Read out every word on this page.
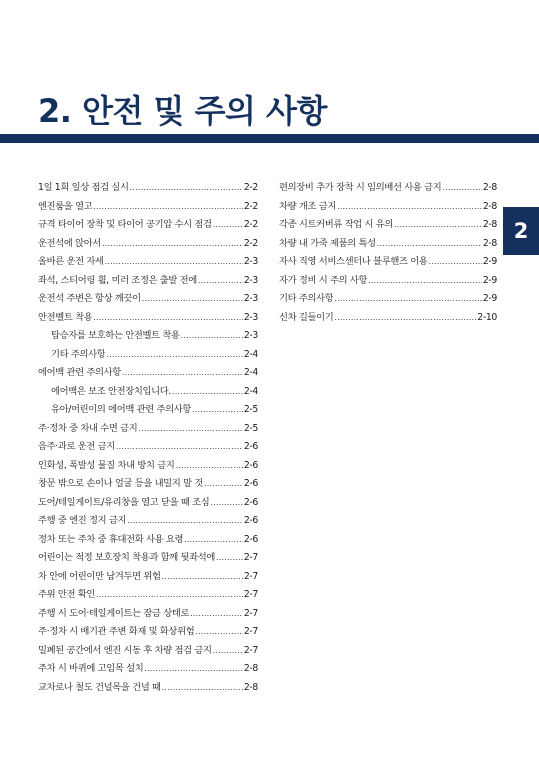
2. 안전 및 주의 사항
2
1일 1회 일상 점검 실시 .....	2-2
엔진룸을 열고 .....	2-2
규격 타이어 장착 및 타이어 공기압 수시 점검 .....	2-2
운전석에 앉아서 .....	2-2
올바른 운전 자세 .....	2-3
좌석, 스티어링 휠, 미러 조정은 출발 전에 .....	2-3
운전석 주변은 항상 깨끗이 .....	2-3
안전벨트 착용 .....	2-3
탑승자를 보호하는 안전벨트 착용 .....	2-3
기타 주의사항 .....	2-4
에어백 관련 주의사항 .....	2-4
에어백은 보조 안전장치입니다. .....	2-4
유아/어린이의 에어백 관련 주의사항 .....	2-5
주·정차 중 차내 수면 금지 .....	2-5
음주·과로 운전 금지 .....	2-6
인화성, 폭발성 물질 차내 방치 금지 .....	2-6
창문 밖으로 손이나 얼굴 등을 내밀지 말 것 .....	2-6
도어/테일게이트/유리창을 열고 닫을 때 조심 .....	2-6
주행 중 엔진 정지 금지 .....	2-6
정차 또는 주차 중 휴대전화 사용 요령 .....	2-6
어린이는 적정 보호장치 착용과 함께 뒷좌석에 .....	2-7
차 안에 어린이만 남겨두면 위험 .....	2-7
주위 안전 확인 .....	2-7
주행 시 도어·테일게이트는 잠금 상태로 .....	2-7
주·정차 시 배기관 주변 화재 및 화상위험 .....	2-7
밀폐된 공간에서 엔진 시동 후 차량 점검 금지 .....	2-7
주차 시 바퀴에 고임목 설치 .....	2-8
교차로나 철도 건널목을 건널 때 .....	2-8
편의장비 추가 장착 시 임의배선 사용 금지 .....	2-8
차량 개조 금지 .....	2-8
각종 시트커버류 작업 시 유의 .....	2-8
차량 내 가죽 제품의 특성 .....	2-8
자사 직영 서비스센터나 블루핸즈 이용 .....	2-9
자가 정비 시 주의 사항 .....	2-9
기타 주의사항 .....	2-9
신차 길들이기 .....	2-10
